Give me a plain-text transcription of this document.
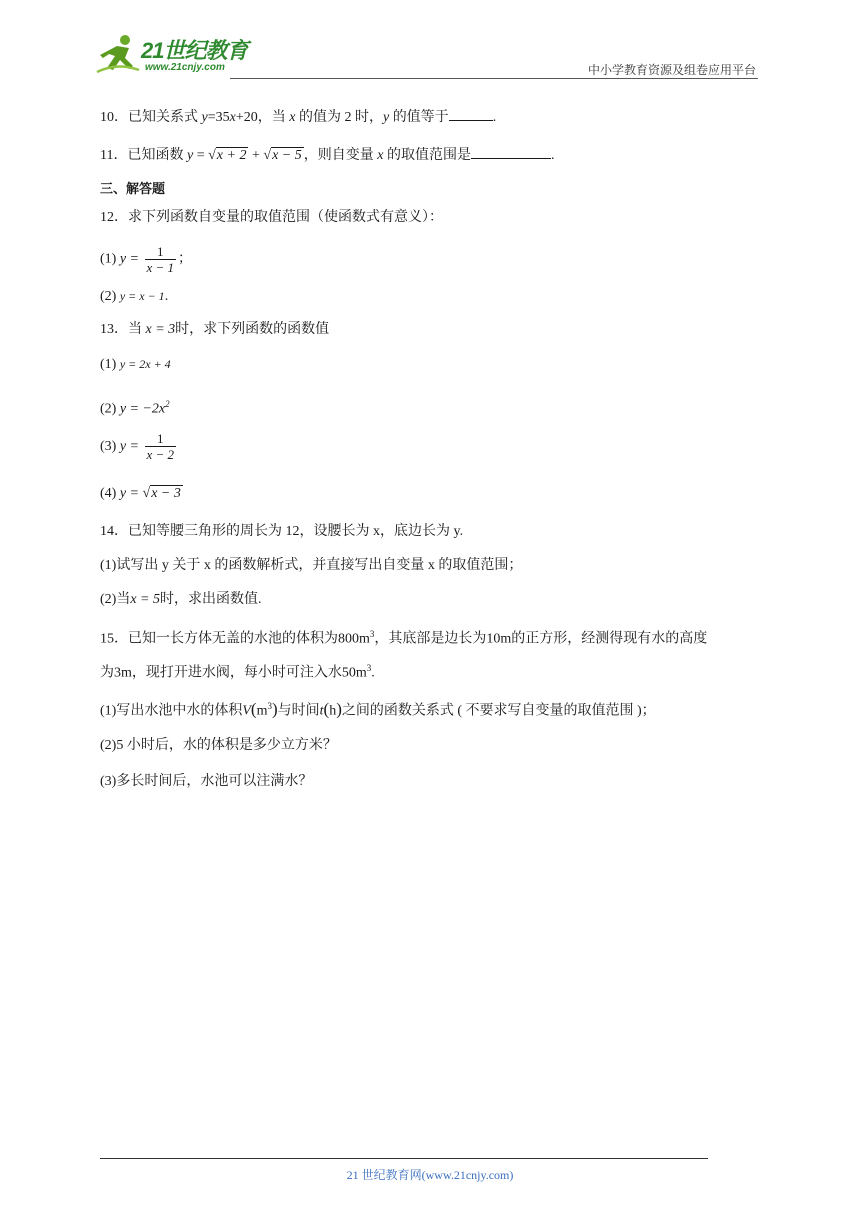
21世纪教育
www.21cnjy.com	中小学教育资源及组卷应用平台
10．已知关系式 y=35x+20，当 x 的值为 2 时，y 的值等于	.
11．已知函数 y = √x + 2 + √x − 5 ，则自变量 x 的取值范围是	.
三、解答题
12．求下列函数自变量的取值范围（使函数式有意义）：
(1) $y = \frac{1}{x - 1}$ ；
(2) y = x − 1.
13．当 x = 3时，求下列函数的函数值
(1) y = 2x + 4
(2) $y = -2x^2$
(3) $y = \frac{1}{x - 2}$
(4) y = √x − 3
14．已知等腰三角形的周长为 12，设腰长为 x，底边长为 y.
(1)试写出 y 关于 x 的函数解析式，并直接写出自变量 x 的取值范围；
(2)当x = 5时，求出函数值.
15．已知一长方体无盖的水池的体积为$800m^3$，其底部是边长为10m的正方形，经测得现有水的高度
为3m，现打开进水阀，每小时可注入水$50m^3$.
(1)写出水池中水的体积$V(m^3)$与时间t(h)之间的函数关系式 ( 不要求写自变量的取值范围 )；
(2)5 小时后，水的体积是多少立方米？
(3)多长时间后，水池可以注满水？
21 世纪教育网(www.21cnjy.com)
